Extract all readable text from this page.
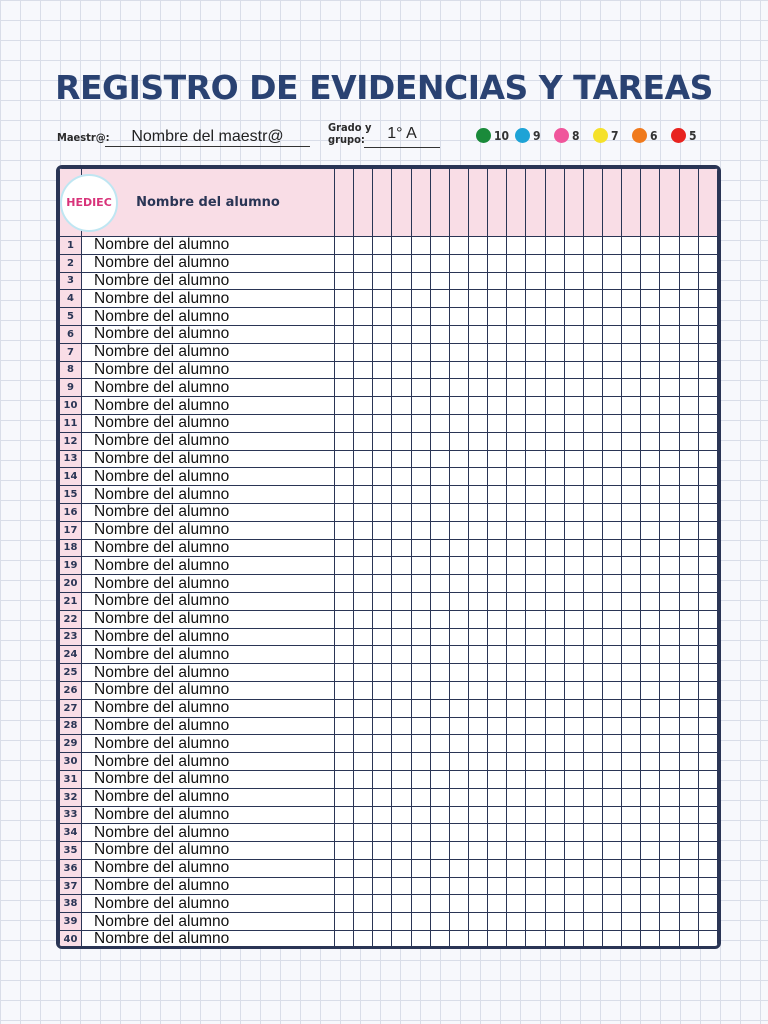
REGISTRO DE EVIDENCIAS Y TAREAS
Maestr@:	Nombre del maestr@
Grado y
grupo:	1° A	10 9	8	7	6	5
HEDIEC	Nombre del alumno																				
1	Nombre del alumno																				
2	Nombre del alumno																				
3	Nombre del alumno																				
4	Nombre del alumno																				
5	Nombre del alumno																				
6	Nombre del alumno																				
7	Nombre del alumno																				
8	Nombre del alumno																				
9	Nombre del alumno																				
10	Nombre del alumno																				
11	Nombre del alumno																				
12	Nombre del alumno																				
13	Nombre del alumno																				
14	Nombre del alumno																				
15	Nombre del alumno																				
16	Nombre del alumno																				
17	Nombre del alumno																				
18	Nombre del alumno																				
19	Nombre del alumno																				
20	Nombre del alumno																				
21	Nombre del alumno																				
22	Nombre del alumno																				
23	Nombre del alumno																				
24	Nombre del alumno																				
25	Nombre del alumno																				
26	Nombre del alumno																				
27	Nombre del alumno																				
28	Nombre del alumno																				
29	Nombre del alumno																				
30	Nombre del alumno																				
31	Nombre del alumno																				
32	Nombre del alumno																				
33	Nombre del alumno																				
34	Nombre del alumno																				
35	Nombre del alumno																				
36	Nombre del alumno																				
37	Nombre del alumno																				
38	Nombre del alumno																				
39	Nombre del alumno																				
40	Nombre del alumno																				
